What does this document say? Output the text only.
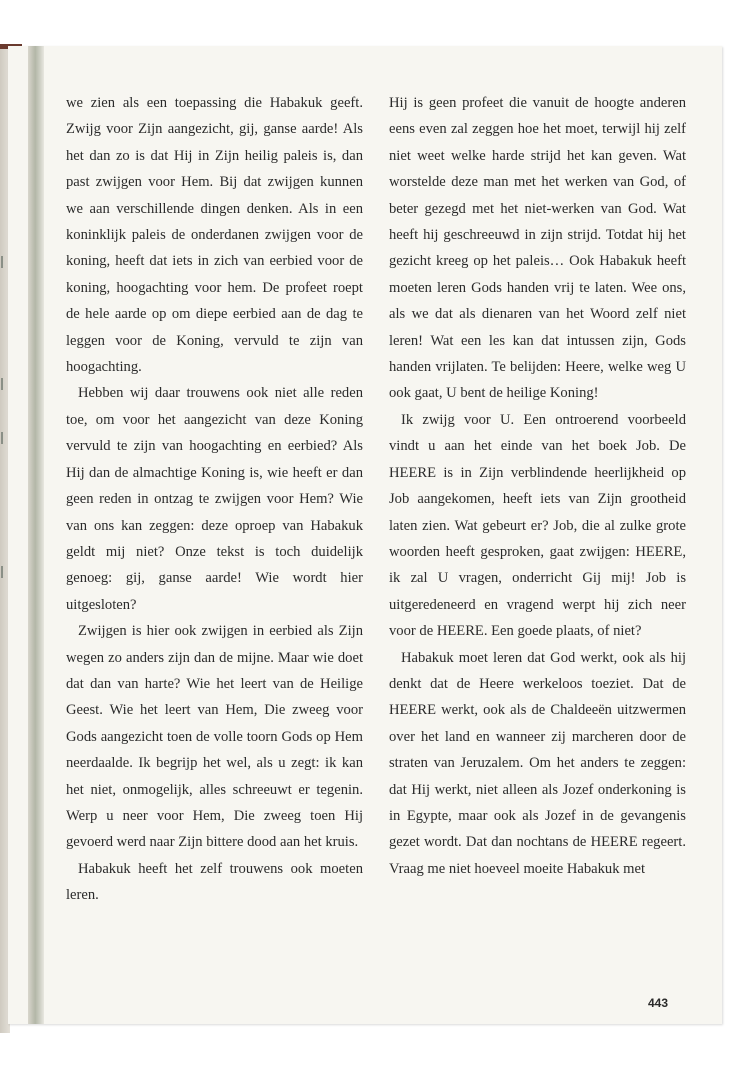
we zien als een toepassing die Habakuk geeft. Zwijg voor Zijn aangezicht, gij, ganse aarde! Als het dan zo is dat Hij in Zijn heilig paleis is, dan past zwijgen voor Hem. Bij dat zwijgen kunnen we aan verschillende dingen denken. Als in een koninklijk paleis de onderdanen zwijgen voor de koning, heeft dat iets in zich van eerbied voor de koning, hoogachting voor hem. De profeet roept de hele aarde op om diepe eerbied aan de dag te leggen voor de Koning, vervuld te zijn van hoogachting.

Hebben wij daar trouwens ook niet alle reden toe, om voor het aangezicht van deze Koning vervuld te zijn van hoogachting en eerbied? Als Hij dan de almachtige Koning is, wie heeft er dan geen reden in ontzag te zwijgen voor Hem? Wie van ons kan zeggen: deze oproep van Habakuk geldt mij niet? Onze tekst is toch duidelijk genoeg: gij, ganse aarde! Wie wordt hier uitgesloten?

Zwijgen is hier ook zwijgen in eerbied als Zijn wegen zo anders zijn dan de mijne. Maar wie doet dat dan van harte? Wie het leert van de Heilige Geest. Wie het leert van Hem, Die zweeg voor Gods aangezicht toen de volle toorn Gods op Hem neerdaalde. Ik begrijp het wel, als u zegt: ik kan het niet, onmogelijk, alles schreeuwt er tegenin. Werp u neer voor Hem, Die zweeg toen Hij gevoerd werd naar Zijn bittere dood aan het kruis.

Habakuk heeft het zelf trouwens ook moeten leren.

Hij is geen profeet die vanuit de hoogte anderen eens even zal zeggen hoe het moet, terwijl hij zelf niet weet welke harde strijd het kan geven. Wat worstelde deze man met het werken van God, of beter gezegd met het niet-werken van God. Wat heeft hij geschreeuwd in zijn strijd. Totdat hij het gezicht kreeg op het paleis… Ook Habakuk heeft moeten leren Gods handen vrij te laten. Wee ons, als we dat als dienaren van het Woord zelf niet leren! Wat een les kan dat intussen zijn, Gods handen vrijlaten. Te belijden: Heere, welke weg U ook gaat, U bent de heilige Koning!

Ik zwijg voor U. Een ontroerend voorbeeld vindt u aan het einde van het boek Job. De HEERE is in Zijn verblindende heerlijkheid op Job aangekomen, heeft iets van Zijn grootheid laten zien. Wat gebeurt er? Job, die al zulke grote woorden heeft gesproken, gaat zwijgen: HEERE, ik zal U vragen, onderricht Gij mij! Job is uitgeredeneerd en vragend werpt hij zich neer voor de HEERE. Een goede plaats, of niet?

Habakuk moet leren dat God werkt, ook als hij denkt dat de Heere werkeloos toeziet. Dat de HEERE werkt, ook als de Chaldeeën uitzwermen over het land en wanneer zij marcheren door de straten van Jeruzalem. Om het anders te zeggen: dat Hij werkt, niet alleen als Jozef onderkoning is in Egypte, maar ook als Jozef in de gevangenis gezet wordt. Dat dan nochtans de HEERE regeert. Vraag me niet hoeveel moeite Habakuk met

443
